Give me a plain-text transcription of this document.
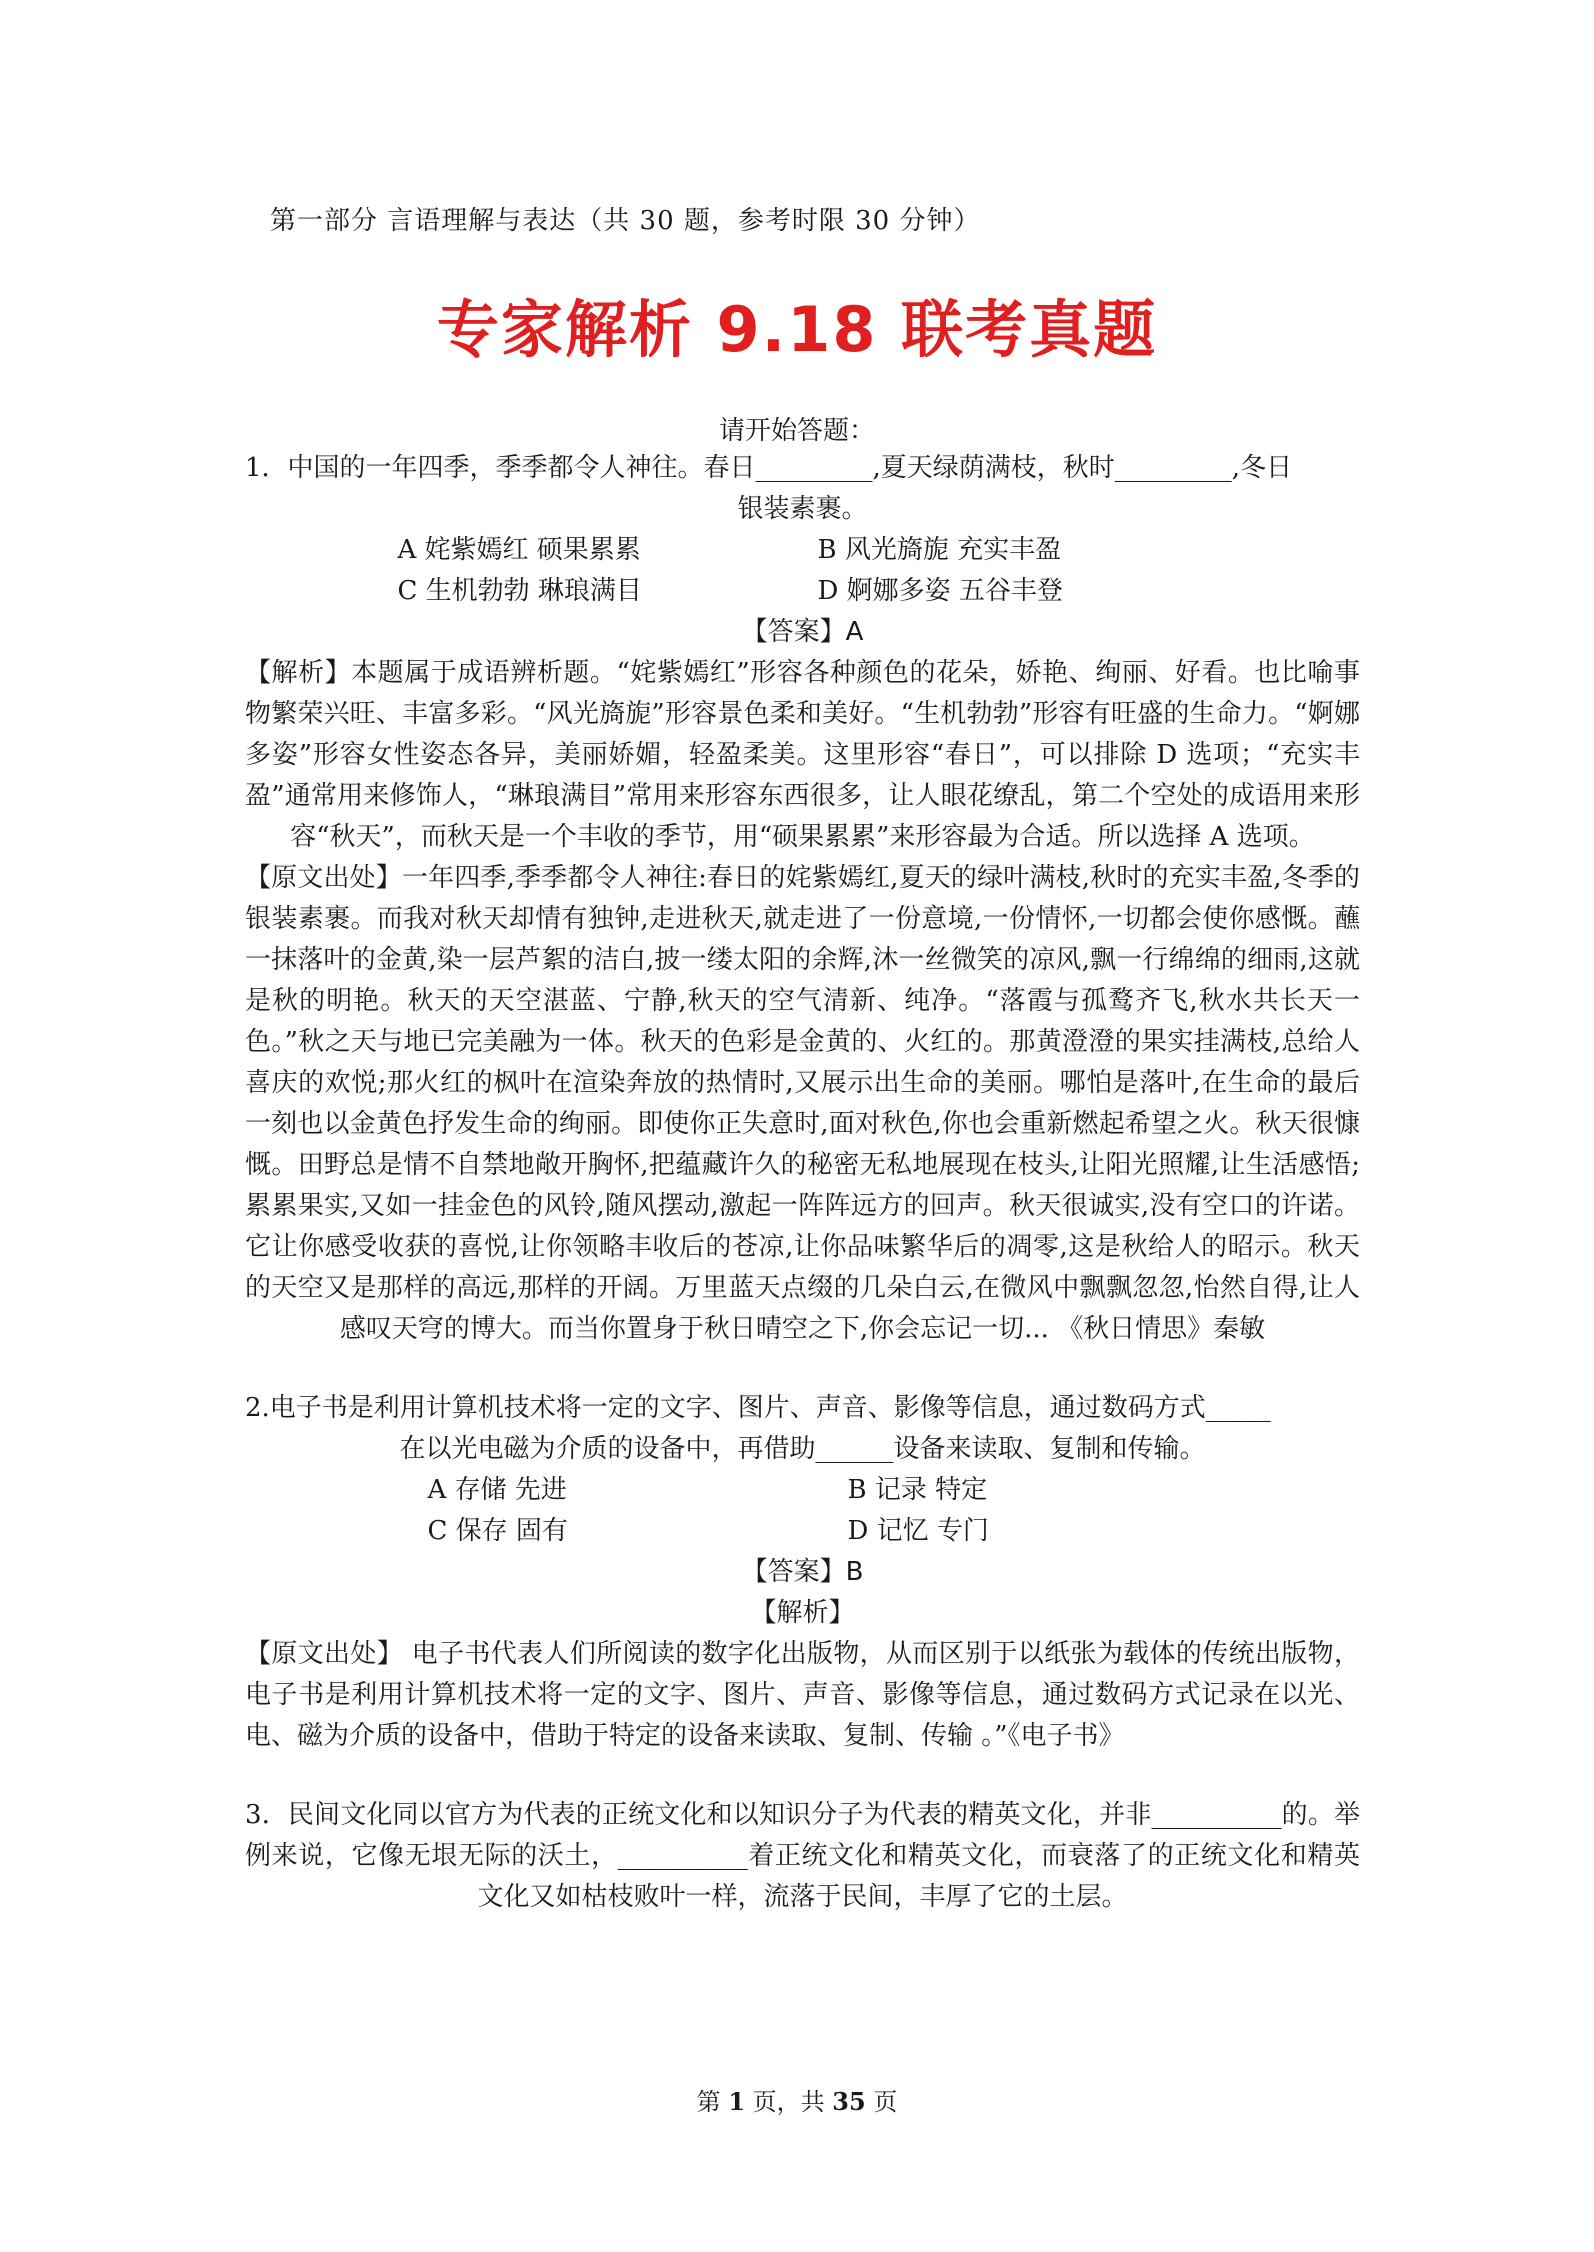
第一部分 言语理解与表达（共 30 题，参考时限 30 分钟）
专家解析 9.18 联考真题
请开始答题：

1．中国的一年四季，季季都令人神往。春日_________,夏天绿荫满枝，秋时_________,冬日

银装素裹。

A 姹紫嫣红 硕果累累	B 风光旖旎 充实丰盈
C 生机勃勃 琳琅满目	D 婀娜多姿 五谷丰登
【答案】A

【解析】本题属于成语辨析题。“姹紫嫣红”形容各种颜色的花朵，娇艳、绚丽、好看。也比喻事物繁荣兴旺、丰富多彩。“风光旖旎”形容景色柔和美好。“生机勃勃”形容有旺盛的生命力。“婀娜多姿”形容女性姿态各异，美丽娇媚，轻盈柔美。这里形容“春日”，可以排除 D 选项；“充实丰盈”通常用来修饰人，“琳琅满目”常用来形容东西很多，让人眼花缭乱，第二个空处的成语用来形容“秋天”，而秋天是一个丰收的季节，用“硕果累累”来形容最为合适。所以选择 A 选项。

【原文出处】一年四季,季季都令人神往:春日的姹紫嫣红,夏天的绿叶满枝,秋时的充实丰盈,冬季的银装素裹。而我对秋天却情有独钟,走进秋天,就走进了一份意境,一份情怀,一切都会使你感慨。蘸一抹落叶的金黄,染一层芦絮的洁白,披一缕太阳的余辉,沐一丝微笑的凉风,飘一行绵绵的细雨,这就是秋的明艳。秋天的天空湛蓝、宁静,秋天的空气清新、纯净。“落霞与孤鹜齐飞,秋水共长天一色。”秋之天与地已完美融为一体。秋天的色彩是金黄的、火红的。那黄澄澄的果实挂满枝,总给人喜庆的欢悦;那火红的枫叶在渲染奔放的热情时,又展示出生命的美丽。哪怕是落叶,在生命的最后一刻也以金黄色抒发生命的绚丽。即使你正失意时,面对秋色,你也会重新燃起希望之火。秋天很慷慨。田野总是情不自禁地敞开胸怀,把蕴藏许久的秘密无私地展现在枝头,让阳光照耀,让生活感悟;累累果实,又如一挂金色的风铃,随风摆动,激起一阵阵远方的回声。秋天很诚实,没有空口的许诺。它让你感受收获的喜悦,让你领略丰收后的苍凉,让你品味繁华后的凋零,这是秋给人的昭示。秋天的天空又是那样的高远,那样的开阔。万里蓝天点缀的几朵白云,在微风中飘飘忽忽,怡然自得,让人感叹天穹的博大。而当你置身于秋日晴空之下,你会忘记一切... 《秋日情思》秦敏

2.电子书是利用计算机技术将一定的文字、图片、声音、影像等信息，通过数码方式_____

在以光电磁为介质的设备中，再借助______设备来读取、复制和传输。

A 存储 先进	B 记录 特定
C 保存 固有	D 记忆 专门
【答案】B
【解析】

【原文出处】 电子书代表人们所阅读的数字化出版物，从而区别于以纸张为载体的传统出版物，电子书是利用计算机技术将一定的文字、图片、声音、影像等信息，通过数码方式记录在以光、电、磁为介质的设备中，借助于特定的设备来读取、复制、传输 。”《电子书》

3．民间文化同以官方为代表的正统文化和以知识分子为代表的精英文化，并非__________的。举例来说，它像无垠无际的沃土，__________着正统文化和精英文化，而衰落了的正统文化和精英文化又如枯枝败叶一样，流落于民间，丰厚了它的土层。

第 1 页，共 35 页
